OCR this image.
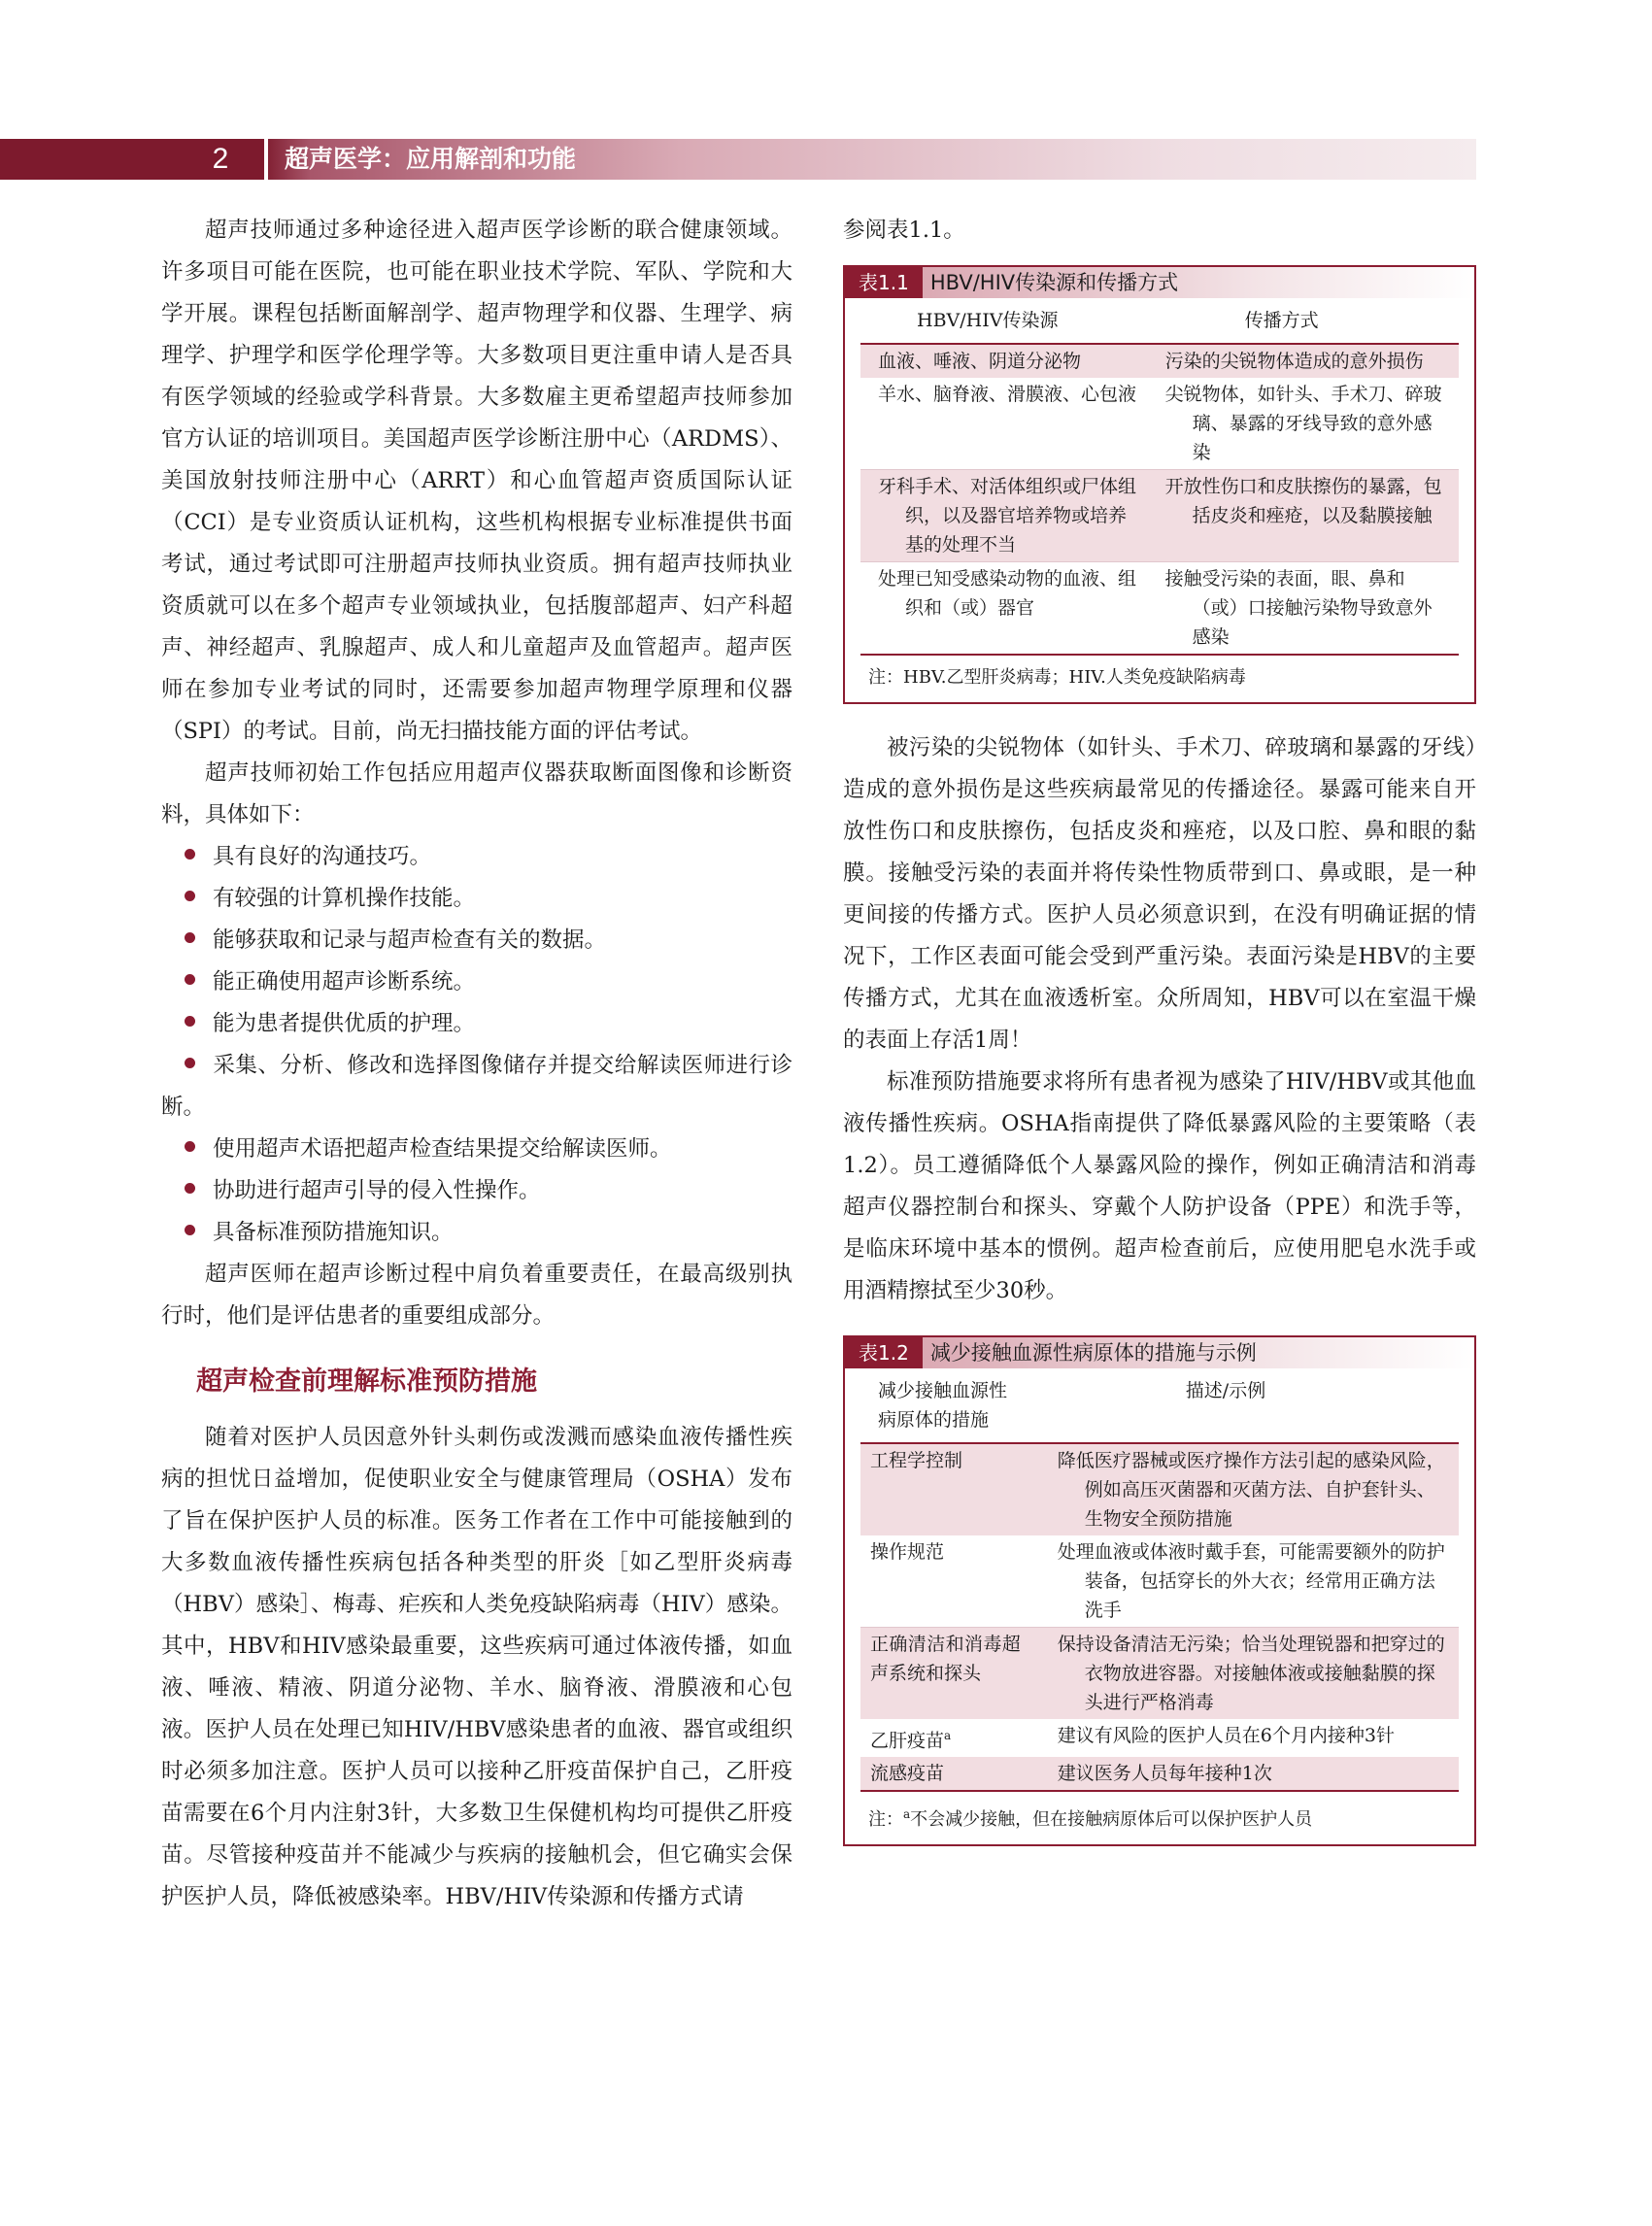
2	超声医学：应用解剖和功能

超声技师通过多种途径进入超声医学诊断的联合健康领域。许多项目可能在医院，也可能在职业技术学院、军队、学院和大学开展。课程包括断面解剖学、超声物理学和仪器、生理学、病理学、护理学和医学伦理学等。大多数项目更注重申请人是否具有医学领域的经验或学科背景。大多数雇主更希望超声技师参加官方认证的培训项目。美国超声医学诊断注册中心（ARDMS）、美国放射技师注册中心（ARRT）和心血管超声资质国际认证（CCI）是专业资质认证机构，这些机构根据专业标准提供书面考试，通过考试即可注册超声技师执业资质。拥有超声技师执业资质就可以在多个超声专业领域执业，包括腹部超声、妇产科超声、神经超声、乳腺超声、成人和儿童超声及血管超声。超声医师在参加专业考试的同时，还需要参加超声物理学原理和仪器（SPI）的考试。目前，尚无扫描技能方面的评估考试。

超声技师初始工作包括应用超声仪器获取断面图像和诊断资料，具体如下：

具有良好的沟通技巧。
有较强的计算机操作技能。
能够获取和记录与超声检查有关的数据。
能正确使用超声诊断系统。
能为患者提供优质的护理。
采集、分析、修改和选择图像储存并提交给解读医师进行诊断。
使用超声术语把超声检查结果提交给解读医师。
协助进行超声引导的侵入性操作。
具备标准预防措施知识。

超声医师在超声诊断过程中肩负着重要责任，在最高级别执行时，他们是评估患者的重要组成部分。

超声检查前理解标准预防措施

随着对医护人员因意外针头刺伤或泼溅而感染血液传播性疾病的担忧日益增加，促使职业安全与健康管理局（OSHA）发布了旨在保护医护人员的标准。医务工作者在工作中可能接触到的大多数血液传播性疾病包括各种类型的肝炎［如乙型肝炎病毒（HBV）感染］、梅毒、疟疾和人类免疫缺陷病毒（HIV）感染。其中，HBV和HIV感染最重要，这些疾病可通过体液传播，如血液、唾液、精液、阴道分泌物、羊水、脑脊液、滑膜液和心包液。医护人员在处理已知HIV/HBV感染患者的血液、器官或组织时必须多加注意。医护人员可以接种乙肝疫苗保护自己，乙肝疫苗需要在6个月内注射3针，大多数卫生保健机构均可提供乙肝疫苗。尽管接种疫苗并不能减少与疾病的接触机会，但它确实会保护医护人员，降低被感染率。HBV/HIV传染源和传播方式请

参阅表1.1。

表1.1	HBV/HIV传染源和传播方式
HBV/HIV传染源	传播方式
血液、唾液、阴道分泌物	污染的尖锐物体造成的意外损伤
羊水、脑脊液、滑膜液、心包液	尖锐物体，如针头、手术刀、碎玻璃、暴露的牙线导致的意外感染
牙科手术、对活体组织或尸体组织，以及器官培养物或培养基的处理不当	开放性伤口和皮肤擦伤的暴露，包括皮炎和痤疮，以及黏膜接触
处理已知受感染动物的血液、组织和（或）器官	接触受污染的表面，眼、鼻和（或）口接触污染物导致意外感染
注：HBV.乙型肝炎病毒；HIV.人类免疫缺陷病毒

被污染的尖锐物体（如针头、手术刀、碎玻璃和暴露的牙线）造成的意外损伤是这些疾病最常见的传播途径。暴露可能来自开放性伤口和皮肤擦伤，包括皮炎和痤疮，以及口腔、鼻和眼的黏膜。接触受污染的表面并将传染性物质带到口、鼻或眼，是一种更间接的传播方式。医护人员必须意识到，在没有明确证据的情况下，工作区表面可能会受到严重污染。表面污染是HBV的主要传播方式，尤其在血液透析室。众所周知，HBV可以在室温干燥的表面上存活1周！

标准预防措施要求将所有患者视为感染了HIV/HBV或其他血液传播性疾病。OSHA指南提供了降低暴露风险的主要策略（表1.2）。员工遵循降低个人暴露风险的操作，例如正确清洁和消毒超声仪器控制台和探头、穿戴个人防护设备（PPE）和洗手等，是临床环境中基本的惯例。超声检查前后，应使用肥皂水洗手或用酒精擦拭至少30秒。

表1.2	减少接触血源性病原体的措施与示例
减少接触血源性病原体的措施	描述/示例
工程学控制	降低医疗器械或医疗操作方法引起的感染风险，例如高压灭菌器和灭菌方法、自护套针头、生物安全预防措施
操作规范	处理血液或体液时戴手套，可能需要额外的防护装备，包括穿长的外大衣；经常用正确方法洗手
正确清洁和消毒超声系统和探头	保持设备清洁无污染；恰当处理锐器和把穿过的衣物放进容器。对接触体液或接触黏膜的探头进行严格消毒
乙肝疫苗$^a$	建议有风险的医护人员在6个月内接种3针
流感疫苗	建议医务人员每年接种1次
注：$^a$不会减少接触，但在接触病原体后可以保护医护人员
